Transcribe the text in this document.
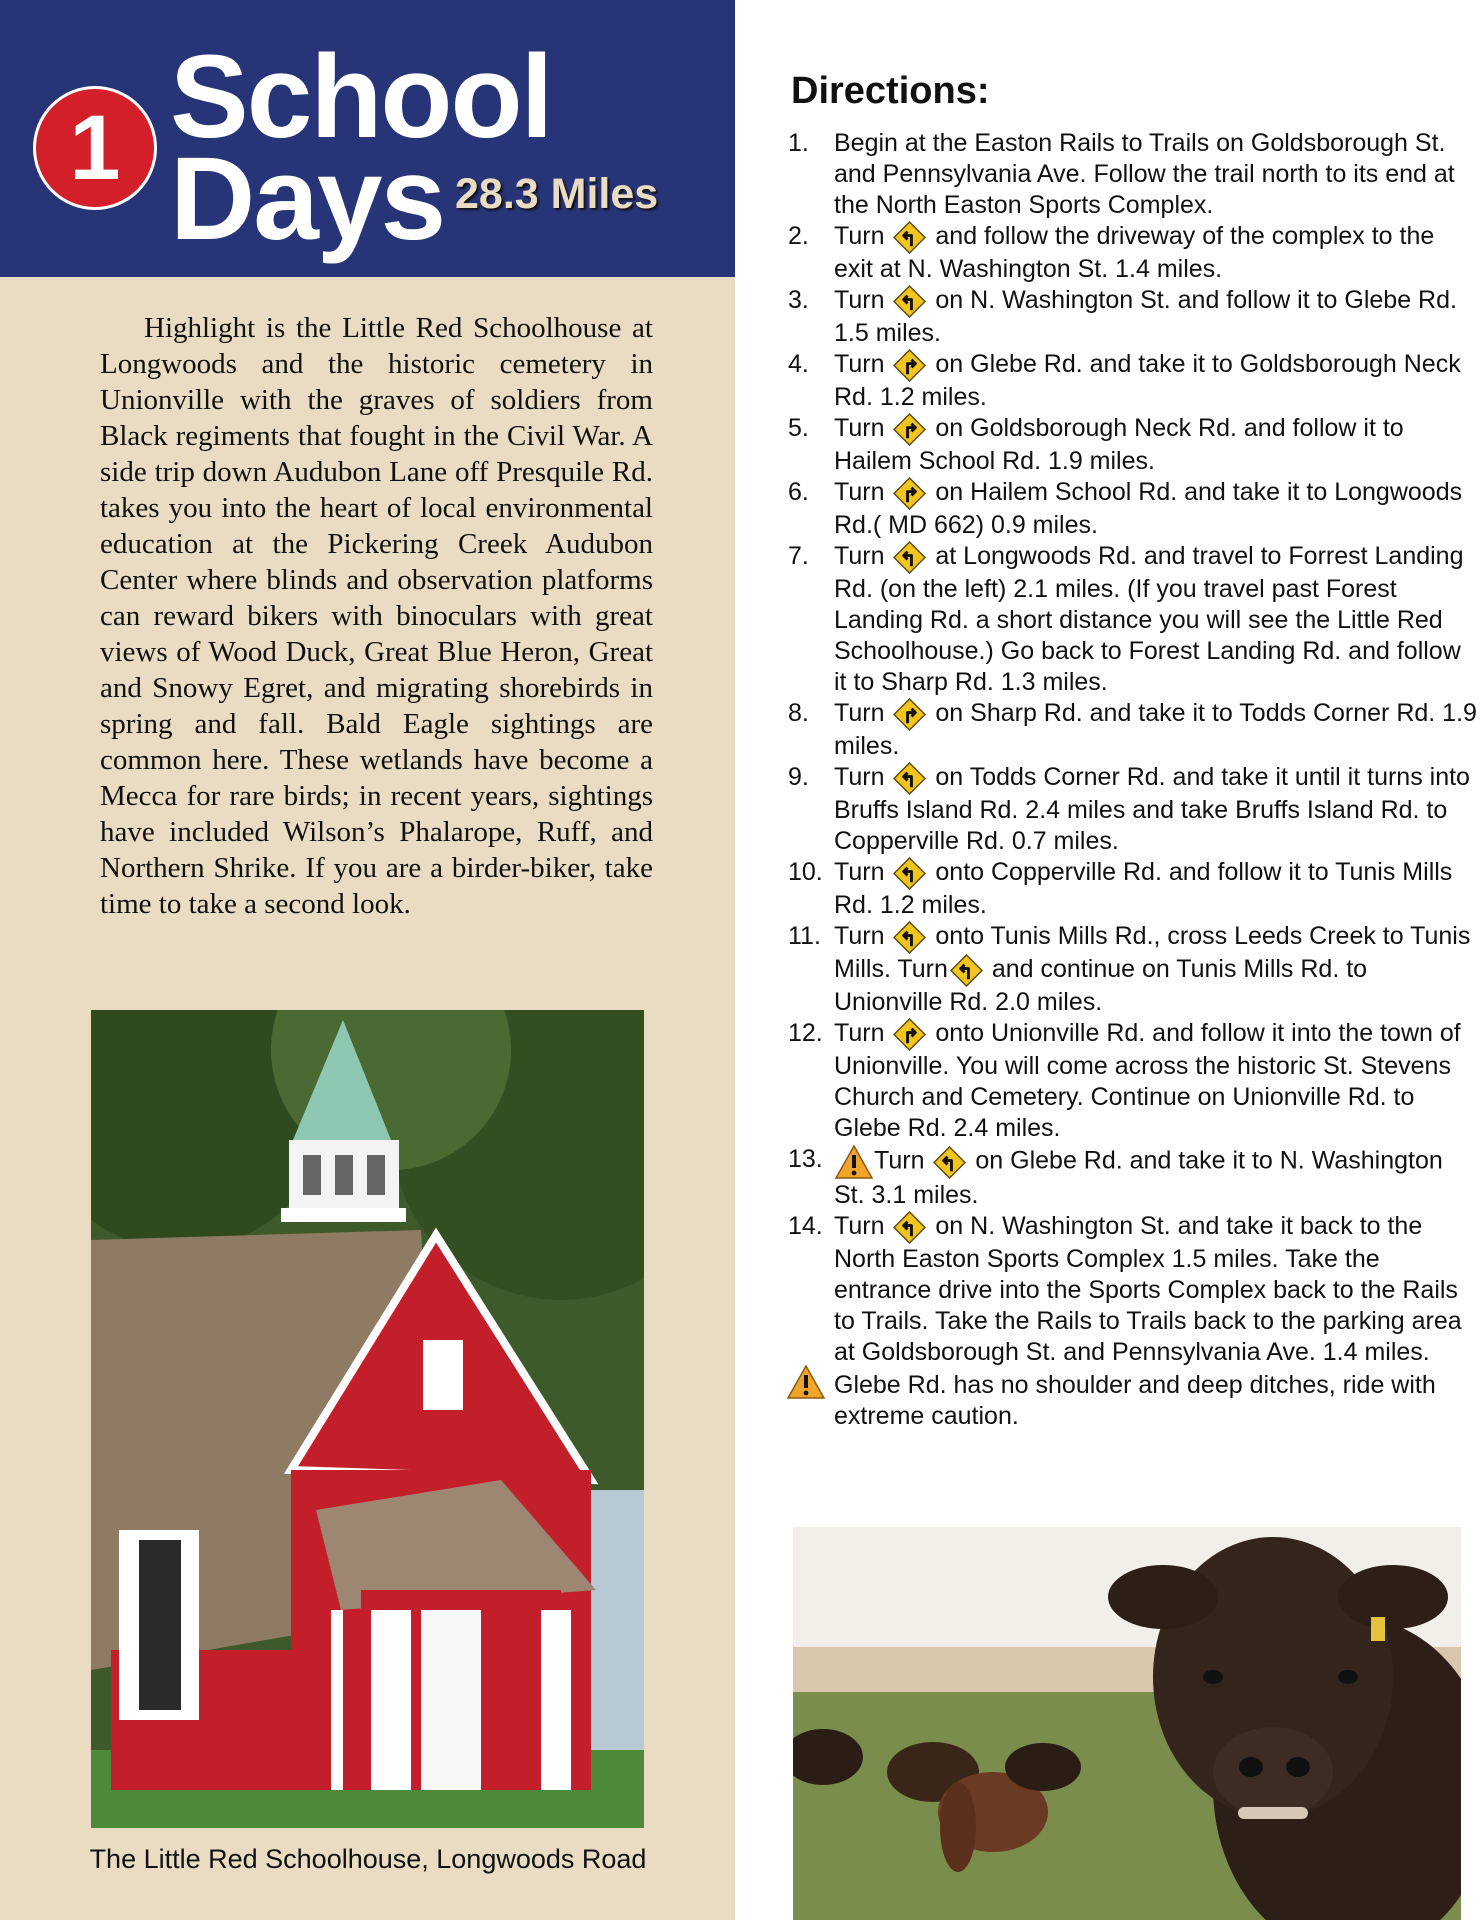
1 School
Days 28.3 Miles

Highlight is the Little Red Schoolhouse at Longwoods and the historic cemetery in Unionville with the graves of soldiers from Black regiments that fought in the Civil War. A side trip down Audubon Lane off Presquile Rd. takes you into the heart of local environmental education at the Pickering Creek Audubon Center where blinds and observation platforms can reward bikers with binoculars with great views of Wood Duck, Great Blue Heron, Great and Snowy Egret, and migrating shorebirds in spring and fall. Bald Eagle sightings are common here. These wetlands have become a Mecca for rare birds; in recent years, sightings have included Wilson’s Phalarope, Ruff, and Northern Shrike. If you are a birder-biker, take time to take a second look.

The Little Red Schoolhouse, Longwoods Road
Directions:
1. Begin at the Easton Rails to Trails on Goldsborough St. and Pennsylvania Ave. Follow the trail north to its end at the North Easton Sports Complex.
2. Turn and follow the driveway of the complex to the exit at N. Washington St. 1.4 miles.
3. Turn on N. Washington St. and follow it to Glebe Rd. 1.5 miles.
4. Turn on Glebe Rd. and take it to Goldsborough Neck Rd. 1.2 miles.
5. Turn on Goldsborough Neck Rd. and follow it to Hailem School Rd. 1.9 miles.
6. Turn on Hailem School Rd. and take it to Longwoods Rd.( MD 662) 0.9 miles.
7. Turn at Longwoods Rd. and travel to Forrest Landing Rd. (on the left) 2.1 miles. (If you travel past Forest Landing Rd. a short distance you will see the Little Red Schoolhouse.) Go back to Forest Landing Rd. and follow it to Sharp Rd. 1.3 miles.
8. Turn on Sharp Rd. and take it to Todds Corner Rd. 1.9 miles.
9. Turn on Todds Corner Rd. and take it until it turns into Bruffs Island Rd. 2.4 miles and take Bruffs Island Rd. to Copperville Rd. 0.7 miles.
10. Turn onto Copperville Rd. and follow it to Tunis Mills Rd. 1.2 miles.
11. Turn onto Tunis Mills Rd., cross Leeds Creek to Tunis Mills. Turn and continue on Tunis Mills Rd. to Unionville Rd. 2.0 miles.
12. Turn onto Unionville Rd. and follow it into the town of Unionville. You will come across the historic St. Stevens Church and Cemetery. Continue on Unionville Rd. to Glebe Rd. 2.4 miles.
13. Turn on Glebe Rd. and take it to N. Washington St. 3.1 miles.
14. Turn on N. Washington St. and take it back to the North Easton Sports Complex 1.5 miles. Take the entrance drive into the Sports Complex back to the Rails to Trails. Take the Rails to Trails back to the parking area at Goldsborough St. and Pennsylvania Ave. 1.4 miles.
Glebe Rd. has no shoulder and deep ditches, ride with extreme caution.
